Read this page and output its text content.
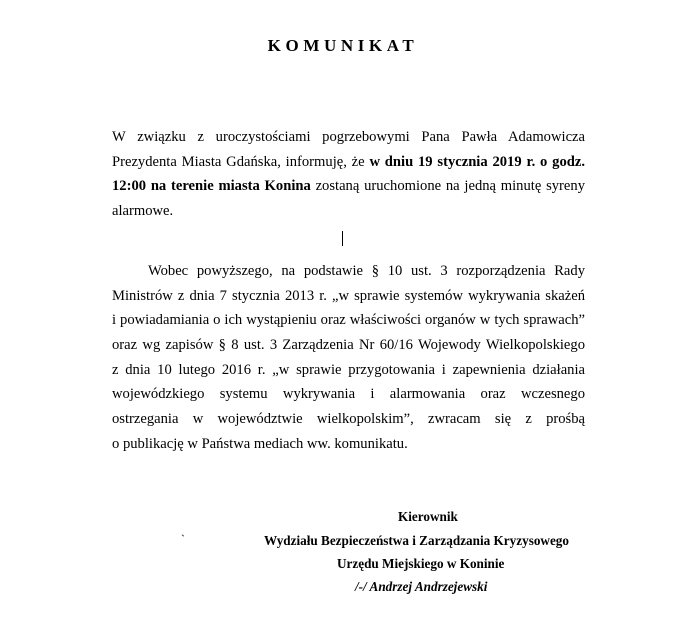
KOMUNIKAT
W związku z uroczystościami pogrzebowymi Pana Pawła Adamowicza
Prezydenta Miasta Gdańska, informuję, że w dniu 19 stycznia 2019 r. o godz.
12:00 na terenie miasta Konina zostaną uruchomione na jedną minutę syreny
alarmowe.
Wobec powyższego, na podstawie § 10 ust. 3 rozporządzenia Rady
Ministrów z dnia 7 stycznia 2013 r. „w sprawie systemów wykrywania skażeń
i powiadamiania o ich wystąpieniu oraz właściwości organów w tych sprawach”
oraz wg zapisów § 8 ust. 3 Zarządzenia Nr 60/16 Wojewody Wielkopolskiego
z dnia 10 lutego 2016 r. „w sprawie przygotowania i zapewnienia działania
wojewódzkiego systemu wykrywania i alarmowania oraz wczesnego
ostrzegania w województwie wielkopolskim”, zwracam się z prośbą
o publikację w Państwa mediach ww. komunikatu.
`
Kierownik
Wydziału Bezpieczeństwa i Zarządzania Kryzysowego
Urzędu Miejskiego w Koninie
/-/ Andrzej Andrzejewski
